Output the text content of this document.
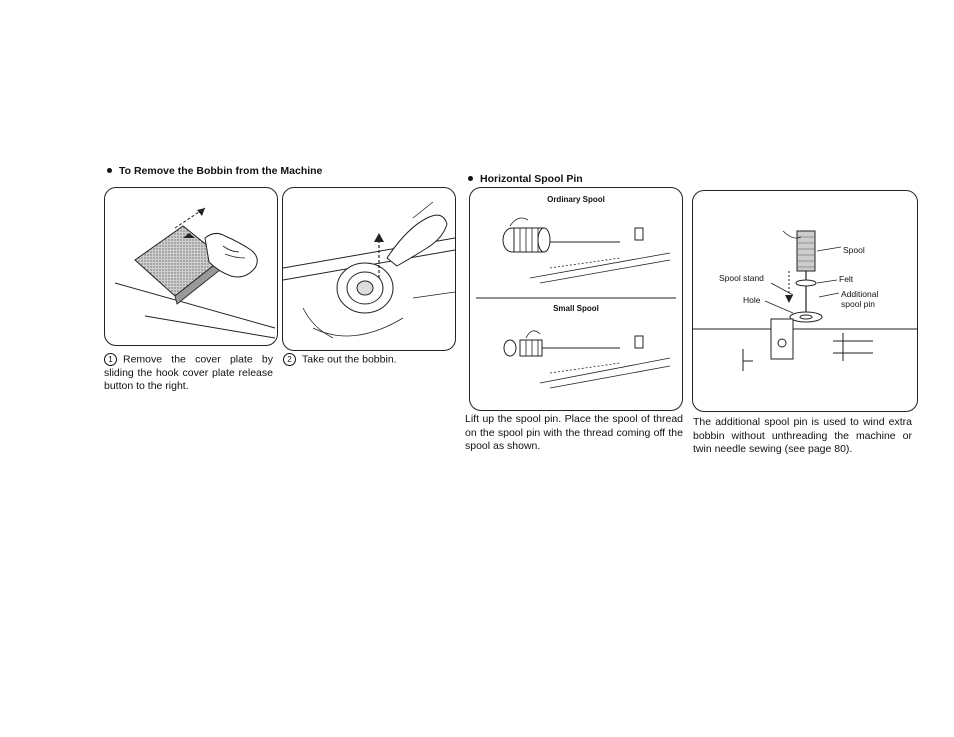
To Remove the Bobbin from the Machine
1 Remove the cover plate by sliding the hook cover plate release button to the right.
2 Take out the bobbin.
Horizontal Spool Pin
Ordinary Spool
Small Spool
Spool
Spool stand	Felt
Hole
Additional
spool pin
Lift up the spool pin. Place the spool of thread on the spool pin with the thread coming off the spool as shown.
The additional spool pin is used to wind extra bobbin without unthreading the machine or twin needle sewing (see page 80).
